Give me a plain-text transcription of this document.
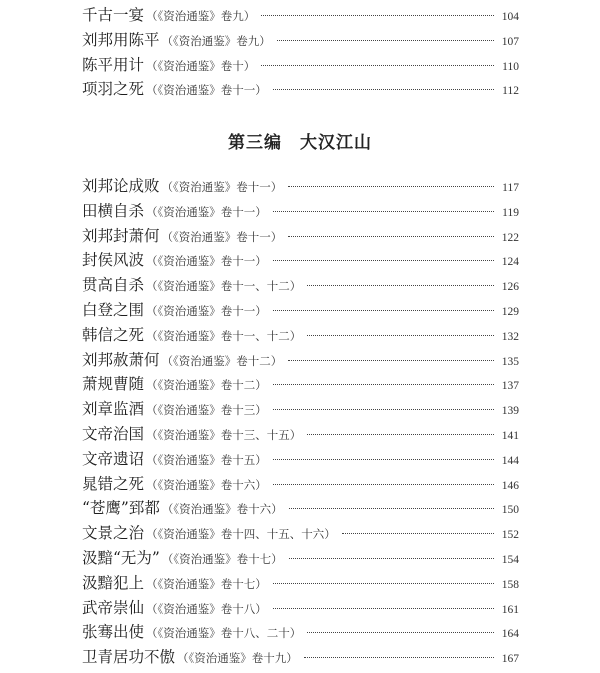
千古一宴 （《资治通鉴》卷九）	104
刘邦用陈平 （《资治通鉴》卷九）	107
陈平用计 （《资治通鉴》卷十）	110
项羽之死 （《资治通鉴》卷十一）	112
第三编　大汉江山
刘邦论成败 （《资治通鉴》卷十一）	117
田横自杀 （《资治通鉴》卷十一）	119
刘邦封萧何 （《资治通鉴》卷十一）	122
封侯风波 （《资治通鉴》卷十一）	124
贯高自杀 （《资治通鉴》卷十一、十二）	126
白登之围 （《资治通鉴》卷十一）	129
韩信之死 （《资治通鉴》卷十一、十二）	132
刘邦赦萧何 （《资治通鉴》卷十二）	135
萧规曹随 （《资治通鉴》卷十二）	137
刘章监酒 （《资治通鉴》卷十三）	139
文帝治国 （《资治通鉴》卷十三、十五）	141
文帝遗诏 （《资治通鉴》卷十五）	144
晁错之死 （《资治通鉴》卷十六）	146
“苍鹰”郅都 （《资治通鉴》卷十六）	150
文景之治 （《资治通鉴》卷十四、十五、十六）	152
汲黯“无为” （《资治通鉴》卷十七）	154
汲黯犯上 （《资治通鉴》卷十七）	158
武帝崇仙 （《资治通鉴》卷十八）	161
张骞出使 （《资治通鉴》卷十八、二十）	164
卫青居功不傲 （《资治通鉴》卷十九）	167
